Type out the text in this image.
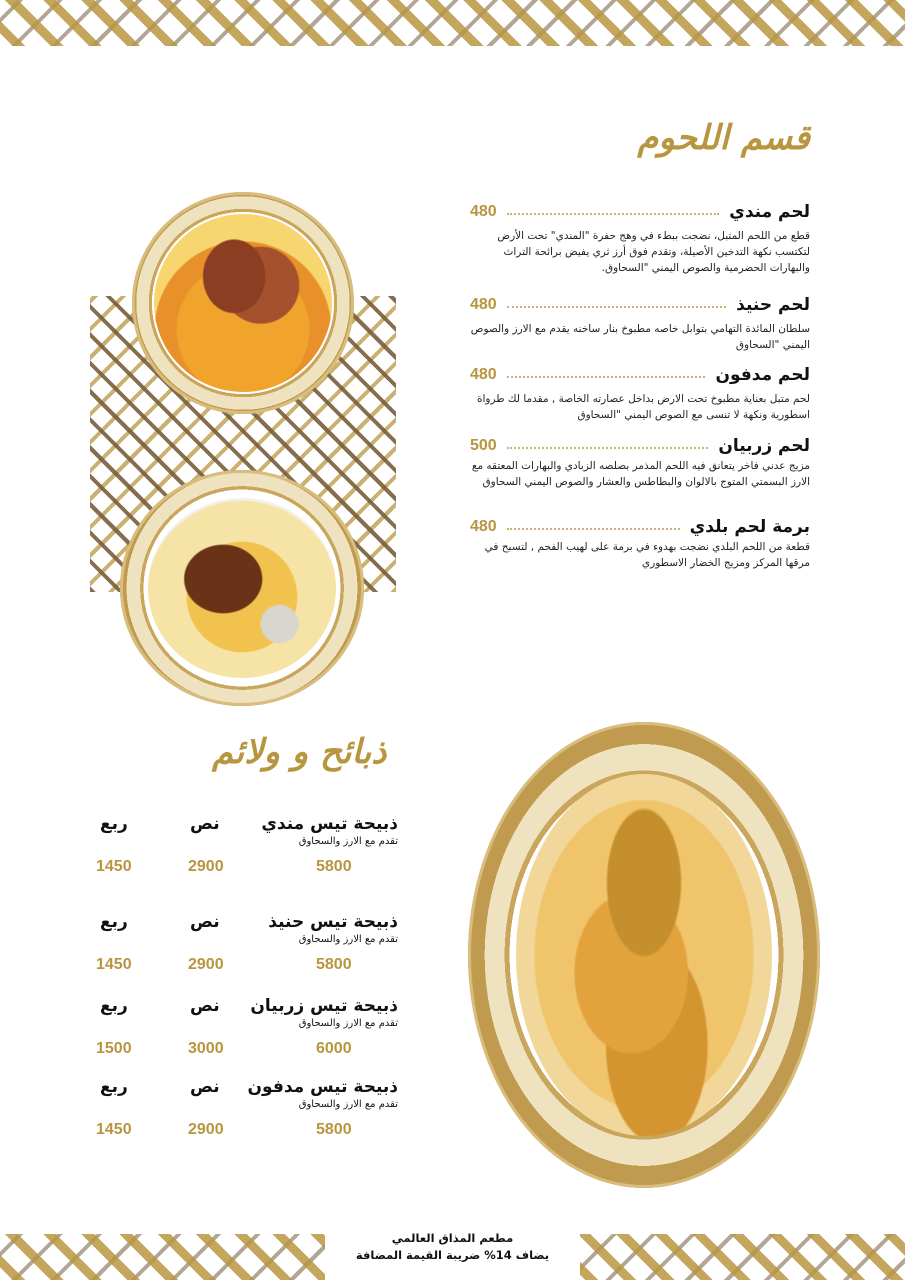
قسم اللحوم
لحم مندي
480
قطع من اللحم المتبل، نضجت ببطء في وهج حفرة "المندي" تحت الأرض لتكتسب نكهة التدخين الأصيلة، وتقدم فوق أرز ثري يفيض برائحة التراث والبهارات الحضرمية والصوص اليمني "السحاوق.
لحم حنيذ
480
سلطان المائدة التهامي بتوابل خاصه مطبوخ بنار ساخنه يقدم مع الارز والصوص اليمني "السحاوق
لحم مدفون
480
لحم متبل بعناية مطبوخ تحت الارض بداخل عصارته الخاصة , مقدما لك طرواة اسطورية ونكهة لا تنسى مع الصوص اليمني "السحاوق
لحم زربيان
500
مزيج عدني فاخر يتعانق فيه اللحم المذمر بصلصه الزبادي والبهارات المعتقه مع الارز البسمتي المتوج بالالوان والبطاطس والعشار والصوص اليمني السحاوق
برمة لحم بلدي
480
قطعة من اللحم البلدي نضجت بهدوء في برمة على لهيب الفحم , لتسبح في مرقها المركز ومزيج الخضار الاسطوري
ذبائح و ولائم
ذبيحة تيس مندي
نص
ربع
تقدم مع الارز والسحاوق
5800
2900
1450
ذبيحة تيس حنيذ
نص
ربع
تقدم مع الارز والسحاوق
5800
2900
1450
ذبيحة تيس زربيان
نص
ربع
تقدم مع الارز والسحاوق
6000
3000
1500
ذبيحة تيس مدفون
نص
ربع
تقدم مع الارز والسحاوق
5800
2900
1450
مطعم المذاق العالمي
يضاف 14% ضريبة القيمة المضافة
